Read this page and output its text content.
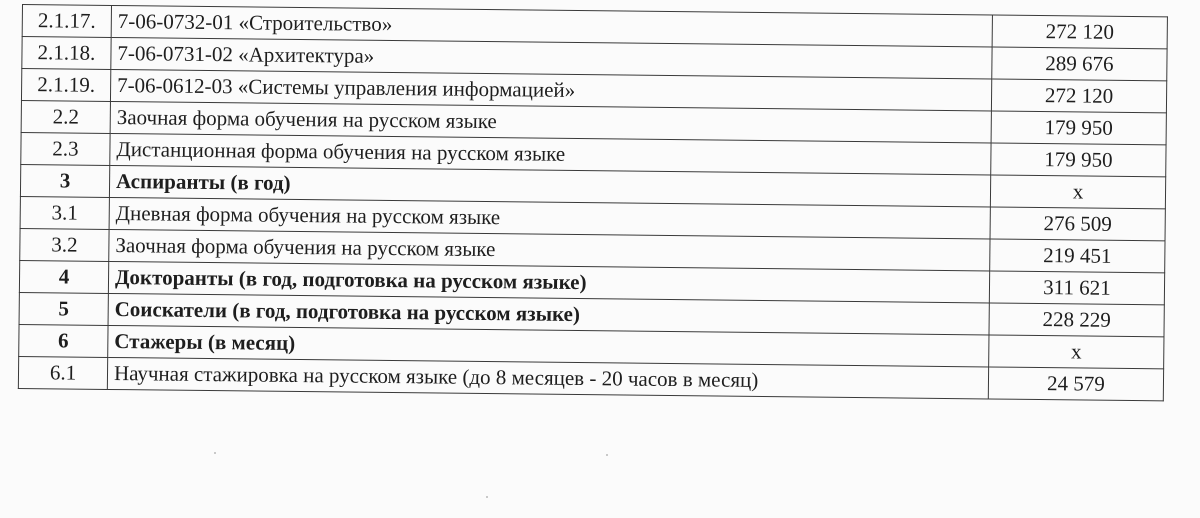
2.1.17.	7-06-0732-01 «Строительство»	272 120
2.1.18.	7-06-0731-02 «Архитектура»	289 676
2.1.19.	7-06-0612-03 «Системы управления информацией»	272 120
2.2	Заочная форма обучения на русском языке	179 950
2.3	Дистанционная форма обучения на русском языке	179 950
3	Аспиранты (в год)	х
3.1	Дневная форма обучения на русском языке	276 509
3.2	Заочная форма обучения на русском языке	219 451
4	Докторанты (в год, подготовка на русском языке)	311 621
5	Соискатели (в год, подготовка на русском языке)	228 229
6	Стажеры (в месяц)	х
6.1	Научная стажировка на русском языке (до 8 месяцев - 20 часов в месяц)	24 579
